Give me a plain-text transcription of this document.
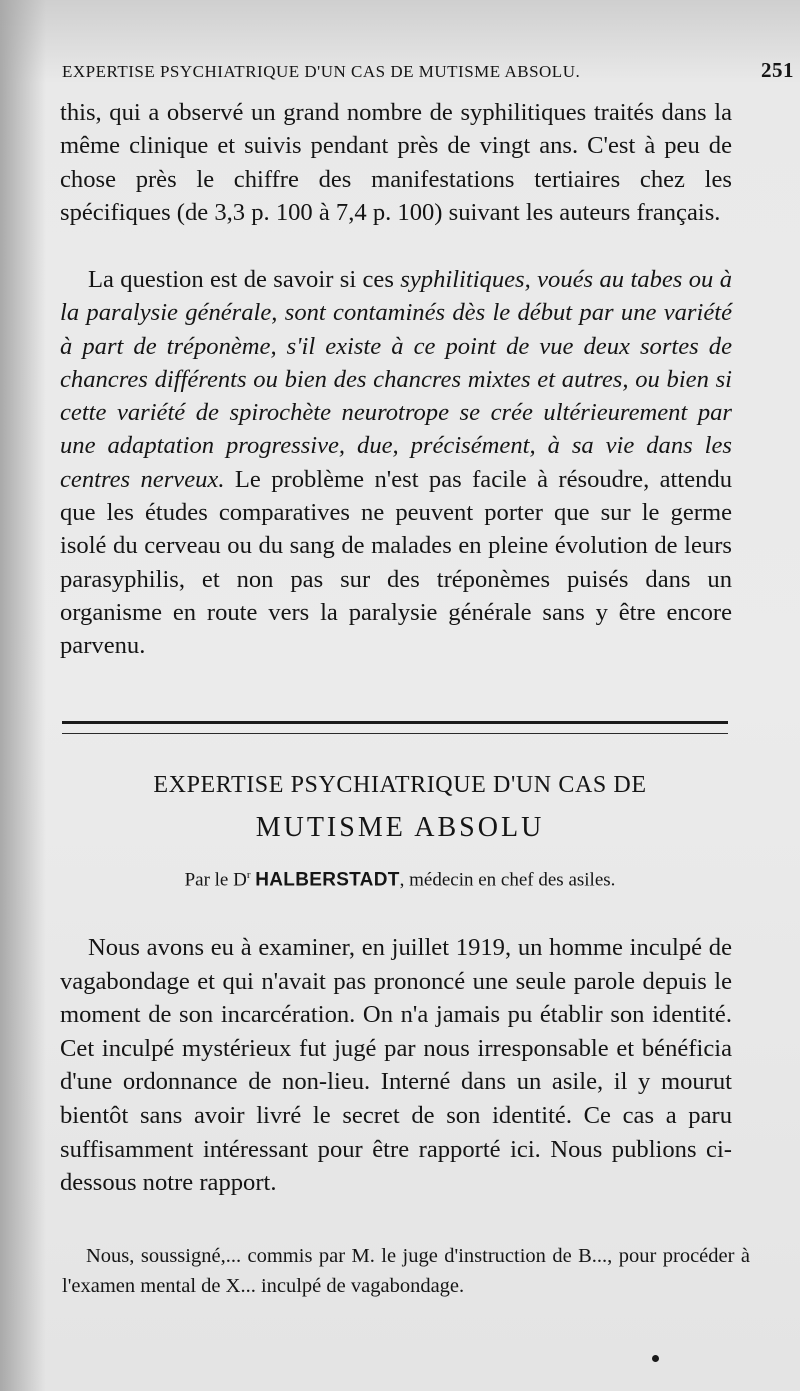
EXPERTISE PSYCHIATRIQUE D'UN CAS DE MUTISME ABSOLU.	251

this, qui a observé un grand nombre de syphilitiques traités dans la même clinique et suivis pendant près de vingt ans. C'est à peu de chose près le chiffre des manifestations tertiaires chez les spécifiques (de 3,3 p. 100 à 7,4 p. 100) suivant les auteurs français.

La question est de savoir si ces syphilitiques, voués au tabes ou à la paralysie générale, sont contaminés dès le début par une variété à part de tréponème, s'il existe à ce point de vue deux sortes de chancres différents ou bien des chancres mixtes et autres, ou bien si cette variété de spirochète neurotrope se crée ultérieurement par une adaptation progressive, due, précisément, à sa vie dans les centres nerveux. Le problème n'est pas facile à résoudre, attendu que les études comparatives ne peuvent porter que sur le germe isolé du cerveau ou du sang de malades en pleine évolution de leurs parasyphilis, et non pas sur des tréponèmes puisés dans un organisme en route vers la paralysie générale sans y être encore parvenu.

EXPERTISE PSYCHIATRIQUE D'UN CAS DE
MUTISME ABSOLU
Par le $D^r$ HALBERSTADT, médecin en chef des asiles.

Nous avons eu à examiner, en juillet 1919, un homme inculpé de vagabondage et qui n'avait pas prononcé une seule parole depuis le moment de son incarcération. On n'a jamais pu établir son identité. Cet inculpé mystérieux fut jugé par nous irresponsable et bénéficia d'une ordonnance de non-lieu. Interné dans un asile, il y mourut bientôt sans avoir livré le secret de son identité. Ce cas a paru suffisamment intéressant pour être rapporté ici. Nous publions ci-dessous notre rapport.

Nous, soussigné,... commis par M. le juge d'instruction de B..., pour procéder à l'examen mental de X... inculpé de vagabondage.
